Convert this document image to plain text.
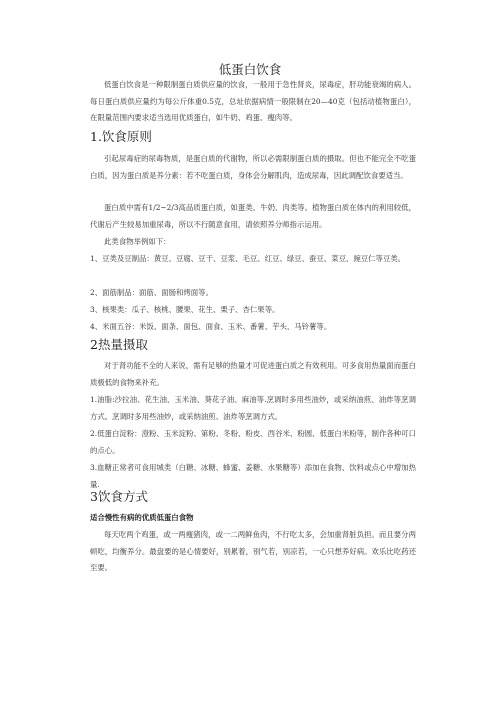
低蛋白饮食

低蛋白饮食是一种限制蛋白质供应量的饮食，一般用于急性肾炎，尿毒症，肝功能衰竭的病人。每日蛋白质供应量约为每公斤体重0.5克，总址依据病情一般限制在20—40克（包括动植物蛋白），在限量范围内要求适当选用优质蛋白，如牛奶、鸡蛋、瘦肉等。

1.饮食原则

引起尿毒症的尿毒物质，是蛋白质的代谢物，所以必需限制蛋白质的摄取。但也不能完全不吃蛋白质，因为蛋白质是养分素：若不吃蛋白质，身体会分解肌肉，造成尿毒，因此调配饮食要适当。

蛋白质中需有1/2~2/3高品质蛋白质，如蛋类、牛奶、肉类等。植物蛋白质在体内的利用较低，代谢后产生较易加重尿毒，所以不行随意食用，请依照养分师指示运用。

此类食物举例如下：

1、豆类及豆制品：黄豆、豆腐、豆干、豆浆、毛豆、红豆、绿豆、蚕豆、菜豆、豌豆仁等豆类。

2、面筋制品：面筋、面肠和烤面等。

3、核果类：瓜子、核桃、腰果、花生、栗子、杏仁果等。

4、米面五谷：米饭、面条、面包、面食、玉米、番薯、芋头、马铃薯等。

2热量摄取

对于肾功能不全的人来说，需有足够的热量才可促进蛋白质之有效利用。可多食用热量面而蛋白质极低的食物来补充。

1.油脂:沙拉油、花生油、玉米油、葵花子油、麻油等.烹调时多用些油炒，或采纳油煎、油炸等烹调方式。烹调时多用些油炒，或采纳油煎、油炸等烹调方式。

2.低蛋白淀粉：澄粉、玉米淀粉、第粉、冬粉、粉皮、西谷米、粉圆、低蛋白米粉等，制作各种可口的点心。

3.血糖正常者可食用城类（白糖、冰糖、蜂蜜、姜糖、水果糖等）添加在食物、饮料或点心中增加热量.

3饮食方式
适合慢性有病的优质低蛋白食物

每天吃两个鸡蛋，或一两瘦猪肉，或一二两鲜鱼肉，不行吃太多，会加重肾脏负担。而且要分两顿吃，均衡养分。最盘要的是心情要好，别累着，别气若，别凉若，一心只想养好病。欢乐比吃药还至要。
